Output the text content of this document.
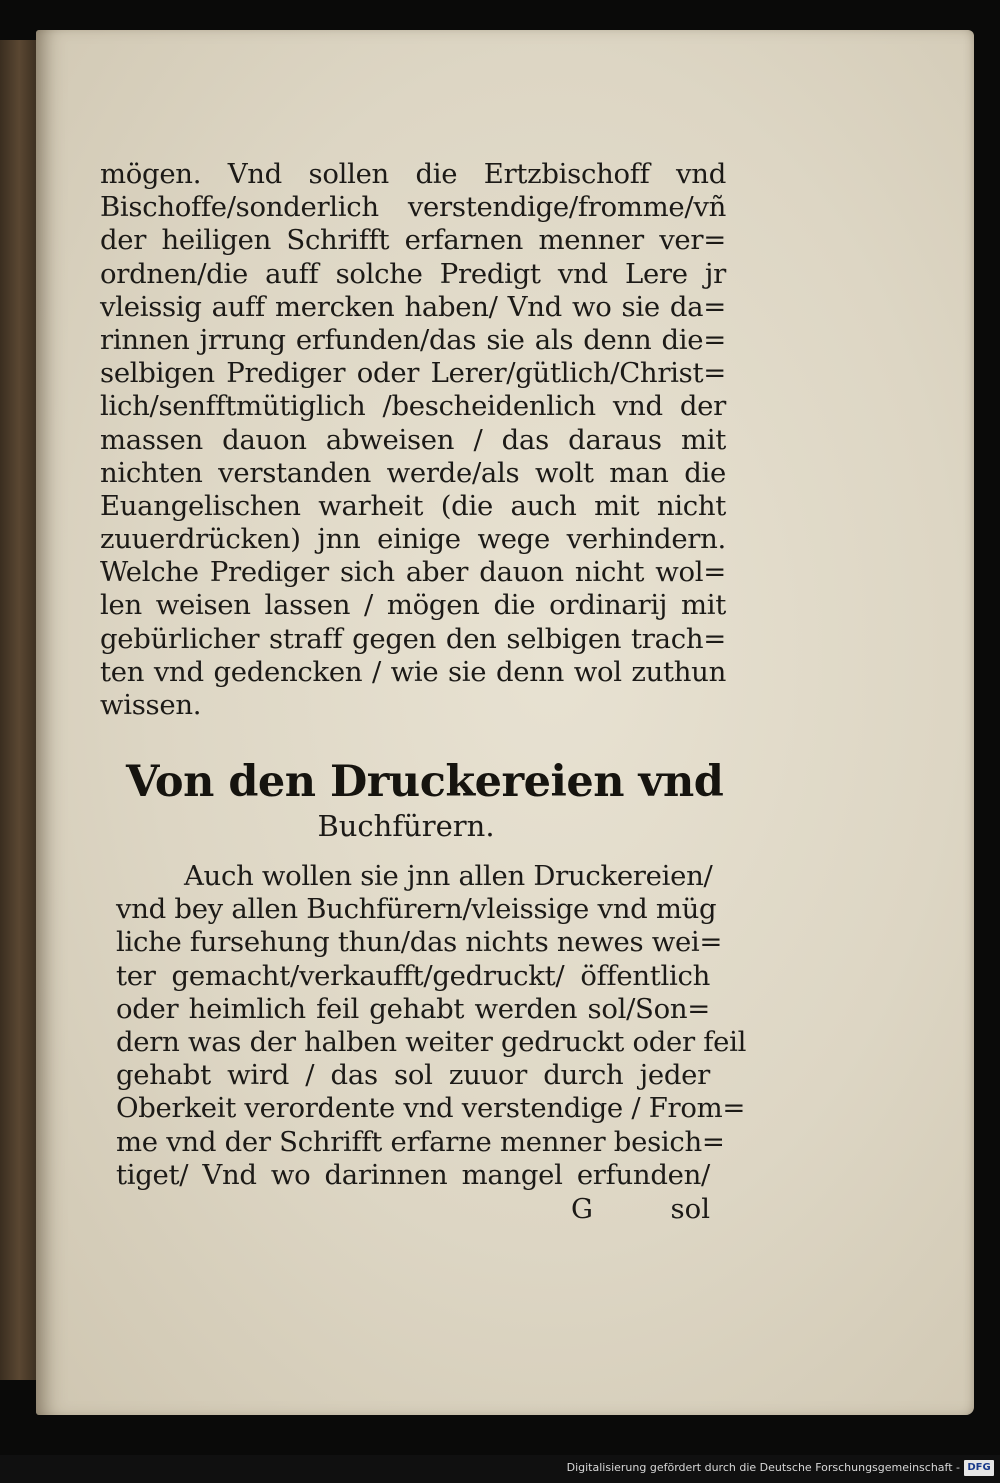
mögen. Vnd sollen die Ertzbischoff vnd
Bischoffe/sonderlich verstendige/fromme/vñ
der heiligen Schrifft erfarnen menner ver=
ordnen/die auff solche Predigt vnd Lere jr
vleissig auff mercken haben/ Vnd wo sie da=
rinnen jrrung erfunden/das sie als denn die=
selbigen Prediger oder Lerer/gütlich/Christ=
lich/senfftmütiglich /bescheidenlich vnd der
massen dauon abweisen / das daraus mit
nichten verstanden werde/als wolt man die
Euangelischen warheit (die auch mit nicht
zuuerdrücken) jnn einige wege verhindern.
Welche Prediger sich aber dauon nicht wol=
len weisen lassen / mögen die ordinarij mit
gebürlicher straff gegen den selbigen trach=
ten vnd gedencken / wie sie denn wol zuthun
wissen.
Von den Druckereien vnd
Buchfürern.
Auch wollen sie jnn allen Druckereien/
vnd bey allen Buchfürern/vleissige vnd müg
liche fursehung thun/das nichts newes wei=
ter gemacht/verkaufft/gedruckt/ öffentlich
oder heimlich feil gehabt werden sol/Son=
dern was der halben weiter gedruckt oder feil
gehabt wird / das sol zuuor durch jeder
Oberkeit verordente vnd verstendige / From=
me vnd der Schrifft erfarne menner besich=
tiget/ Vnd wo darinnen mangel erfunden/
G	sol
Digitalisierung gefördert durch die Deutsche Forschungsgemeinschaft - DFG
